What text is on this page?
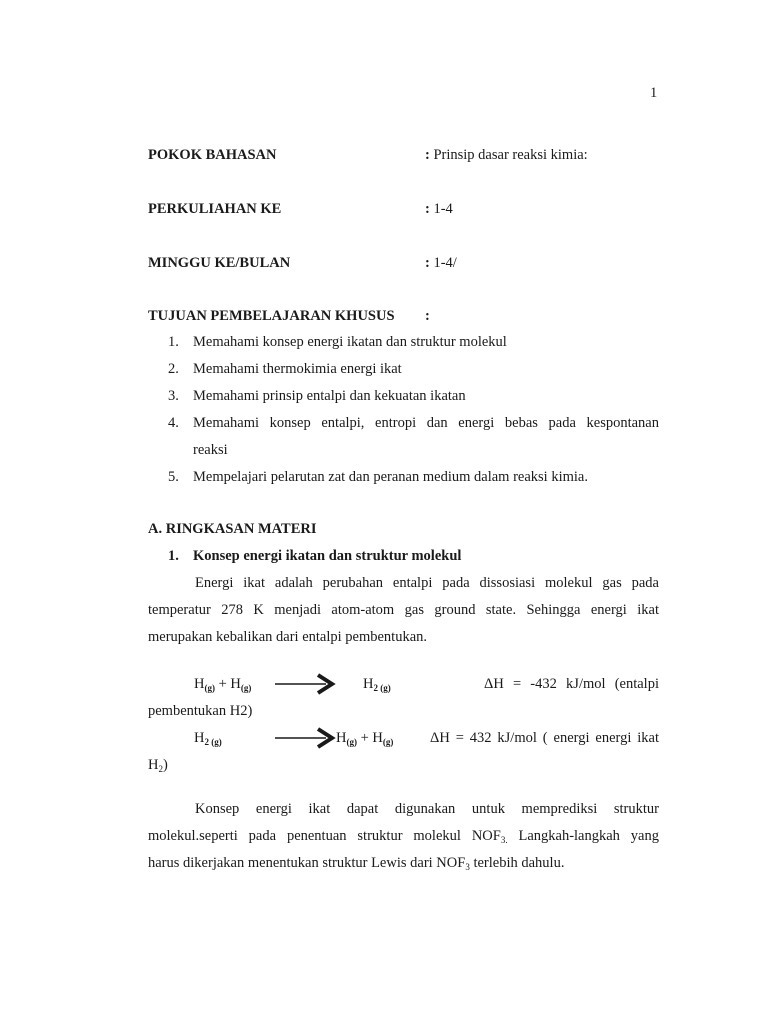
1
POKOK BAHASAN	: Prinsip dasar reaksi kimia:
PERKULIAHAN KE	: 1-4
MINGGU KE/BULAN	: 1-4/
TUJUAN PEMBELAJARAN KHUSUS :
1. Memahami konsep energi ikatan dan struktur molekul
2. Memahami thermokimia energi ikat
3. Memahami prinsip entalpi dan kekuatan ikatan
4. Memahami konsep entalpi, entropi dan energi bebas pada kespontanan
reaksi
5. Mempelajari pelarutan zat dan peranan medium dalam reaksi kimia.
A. RINGKASAN MATERI
1. Konsep energi ikatan dan struktur molekul
Energi ikat adalah perubahan entalpi pada dissosiasi molekul gas pada
temperatur 278 K menjadi atom-atom gas ground state. Sehingga energi ikat
merupakan kebalikan dari entalpi pembentukan.
$H_{(g)} + H_{(g)}$	$H_{2 (g)}$	ΔH = -432 kJ/mol (entalpi
pembentukan H2)
$H_{2 (g)}$	$H_{(g)} + H_{(g)}$	ΔH = 432 kJ/mol ( energi energi ikat
$H_2$)
Konsep energi ikat dapat digunakan untuk memprediksi struktur
molekul.seperti pada penentuan struktur molekul $NOF_{3.}$ Langkah-langkah yang
harus dikerjakan menentukan struktur Lewis dari $NOF_3$ terlebih dahulu.
